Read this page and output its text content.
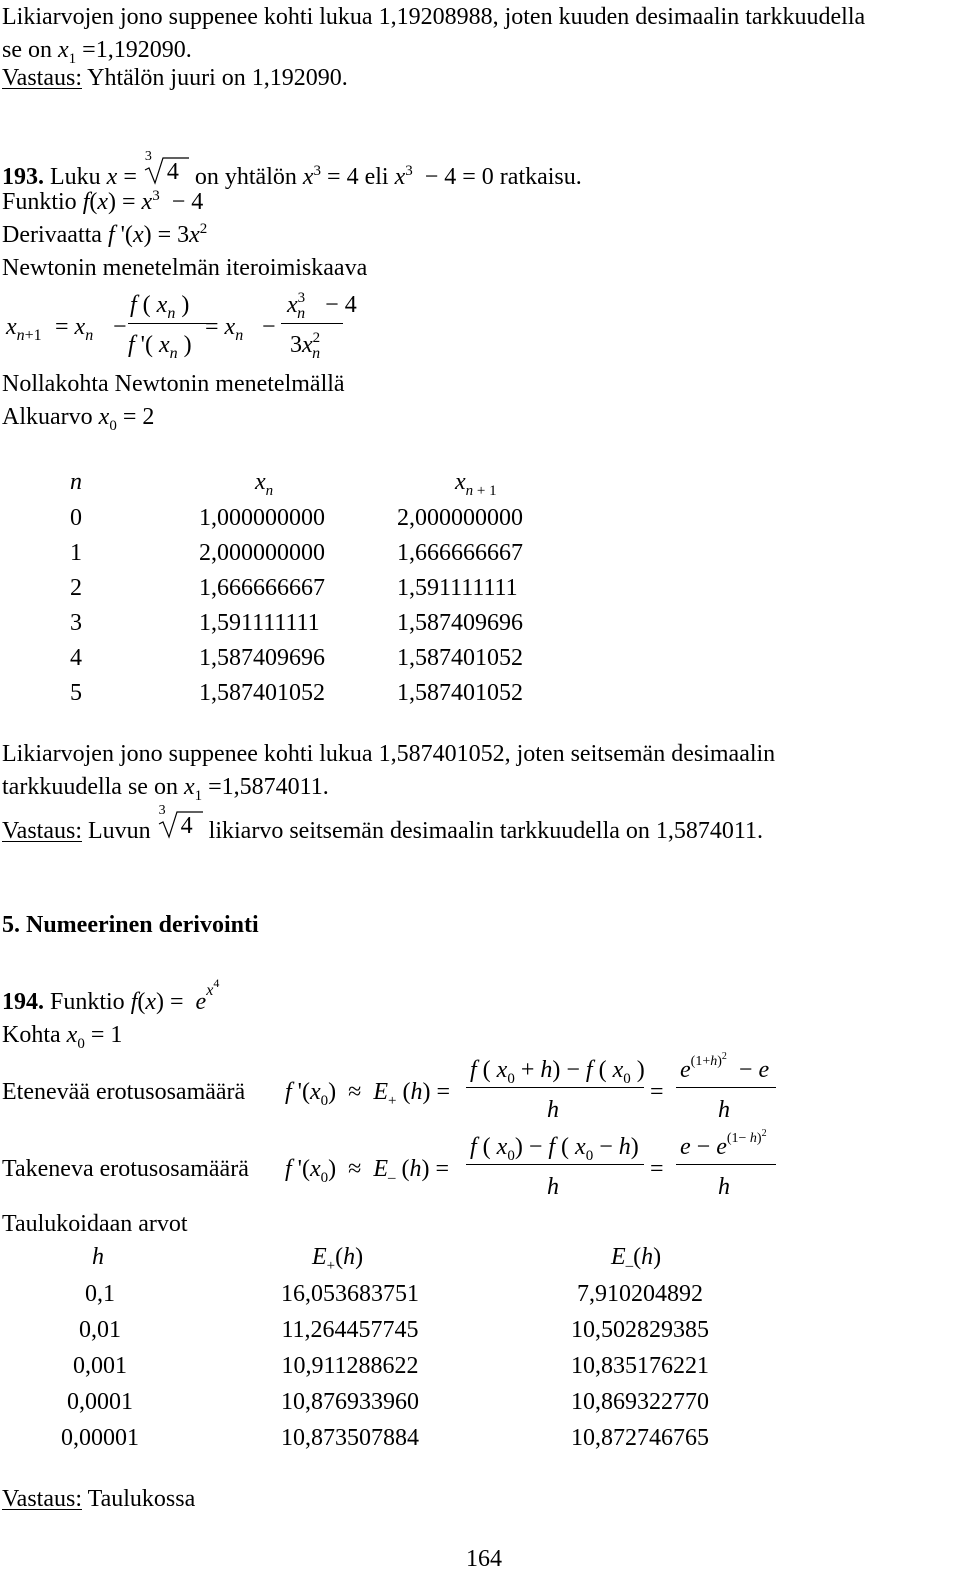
Likiarvojen jono suppenee kohti lukua 1,19208988, joten kuuden desimaalin tarkkuudella
se on $x_1 =1,192090$.
Vastaus: Yhtälön juuri on 1,192090.
193. Luku x =
3
4 on yhtälön $x^3 = 4$ eli $x^3 - 4 = 0$ ratkaisu.
Funktio $f(x) = x^3 - 4$
Derivaatta f '$(x) = 3x^2$
Newtonin menetelmän iteroimiskaava
$x_{n+1} = x_n$ −
f ( $x_n$ )
f '( $x_n$ )
= $x_n$ −
$x^3_n - 4$
$3x^2_n$
Nollakohta Newtonin menetelmällä
Alkuarvo $x_0 = 2$
n	$x_n$	$x_n$ $_{+ 1}$
0	1,000000000	2,000000000
1	2,000000000	1,666666667
2	1,666666667	1,591111111
3	1,591111111	1,587409696
4	1,587409696	1,587401052
5	1,587401052	1,587401052
Likiarvojen jono suppenee kohti lukua 1,587401052, joten seitsemän desimaalin
tarkkuudella se on $x_1 =1,5874011$.
Vastaus: Luvun
3
4 likiarvo seitsemän desimaalin tarkkuudella on 1,5874011.
5. Numeerinen derivointi
194. Funktio $f(x) = e^{x4}$
Kohta $x_0 = 1$
Etenevää erotusosamäärä f '$(x_0) \approx E_+$ (h) =
f ( $x_0 + h) - f$ ( $x_0$ )
h
=
$e^{(1+h)^2} - e$
h
Takeneva erotusosamäärä f '$(x_0) \approx E_-$ (h) =
f ( $x_0) - f$ ( $x_0 - h$)
h
=
$e - e^{(1- h)^2}$
h
Taulukoidaan arvot
h	$E_+(h)$	$E_-(h)$
0,1	16,053683751	7,910204892
0,01	11,264457745	10,502829385
0,001	10,911288622	10,835176221
0,0001	10,876933960	10,869322770
0,00001	10,873507884	10,872746765
Vastaus: Taulukossa
164
